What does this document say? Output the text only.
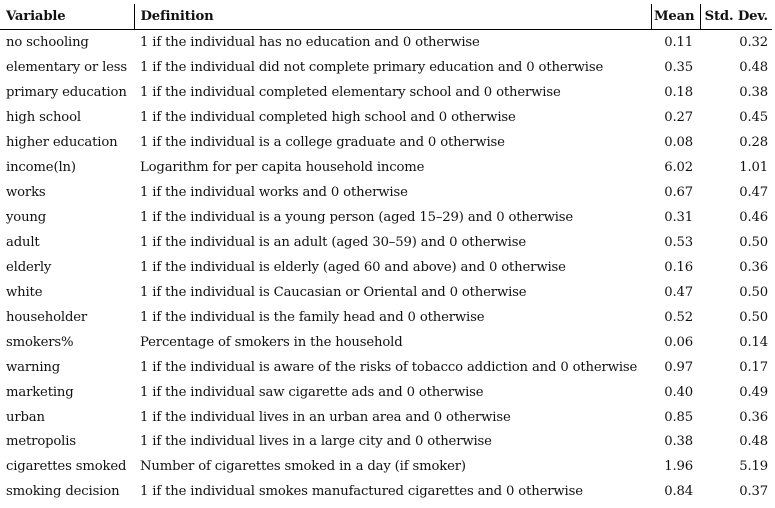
Variable	Definition	Mean	Std. Dev.
no schooling	1 if the individual has no education and 0 otherwise	0.11	0.32
elementary or less	1 if the individual did not complete primary education and 0 otherwise	0.35	0.48
primary education	1 if the individual completed elementary school and 0 otherwise	0.18	0.38
high school	1 if the individual completed high school and 0 otherwise	0.27	0.45
higher education	1 if the individual is a college graduate and 0 otherwise	0.08	0.28
income(ln)	Logarithm for per capita household income	6.02	1.01
works	1 if the individual works and 0 otherwise	0.67	0.47
young	1 if the individual is a young person (aged 15–29) and 0 otherwise	0.31	0.46
adult	1 if the individual is an adult (aged 30–59) and 0 otherwise	0.53	0.50
elderly	1 if the individual is elderly (aged 60 and above) and 0 otherwise	0.16	0.36
white	1 if the individual is Caucasian or Oriental and 0 otherwise	0.47	0.50
householder	1 if the individual is the family head and 0 otherwise	0.52	0.50
smokers%	Percentage of smokers in the household	0.06	0.14
warning	1 if the individual is aware of the risks of tobacco addiction and 0 otherwise	0.97	0.17
marketing	1 if the individual saw cigarette ads and 0 otherwise	0.40	0.49
urban	1 if the individual lives in an urban area and 0 otherwise	0.85	0.36
metropolis	1 if the individual lives in a large city and 0 otherwise	0.38	0.48
cigarettes smoked	Number of cigarettes smoked in a day (if smoker)	1.96	5.19
smoking decision	1 if the individual smokes manufactured cigarettes and 0 otherwise	0.84	0.37
